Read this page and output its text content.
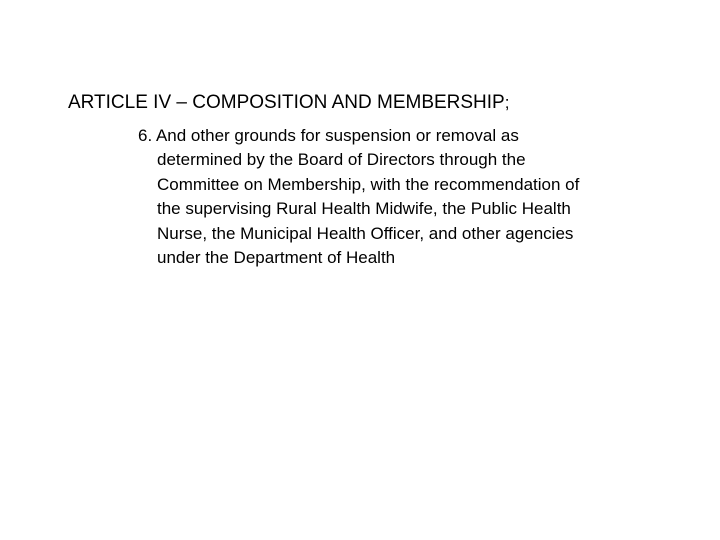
ARTICLE IV – COMPOSITION AND MEMBERSHIP;
6. And other grounds for suspension or removal as
determined by the Board of Directors through the
Committee on Membership, with the recommendation of
the supervising Rural Health Midwife, the Public Health
Nurse, the Municipal Health Officer, and other agencies
under the Department of Health
